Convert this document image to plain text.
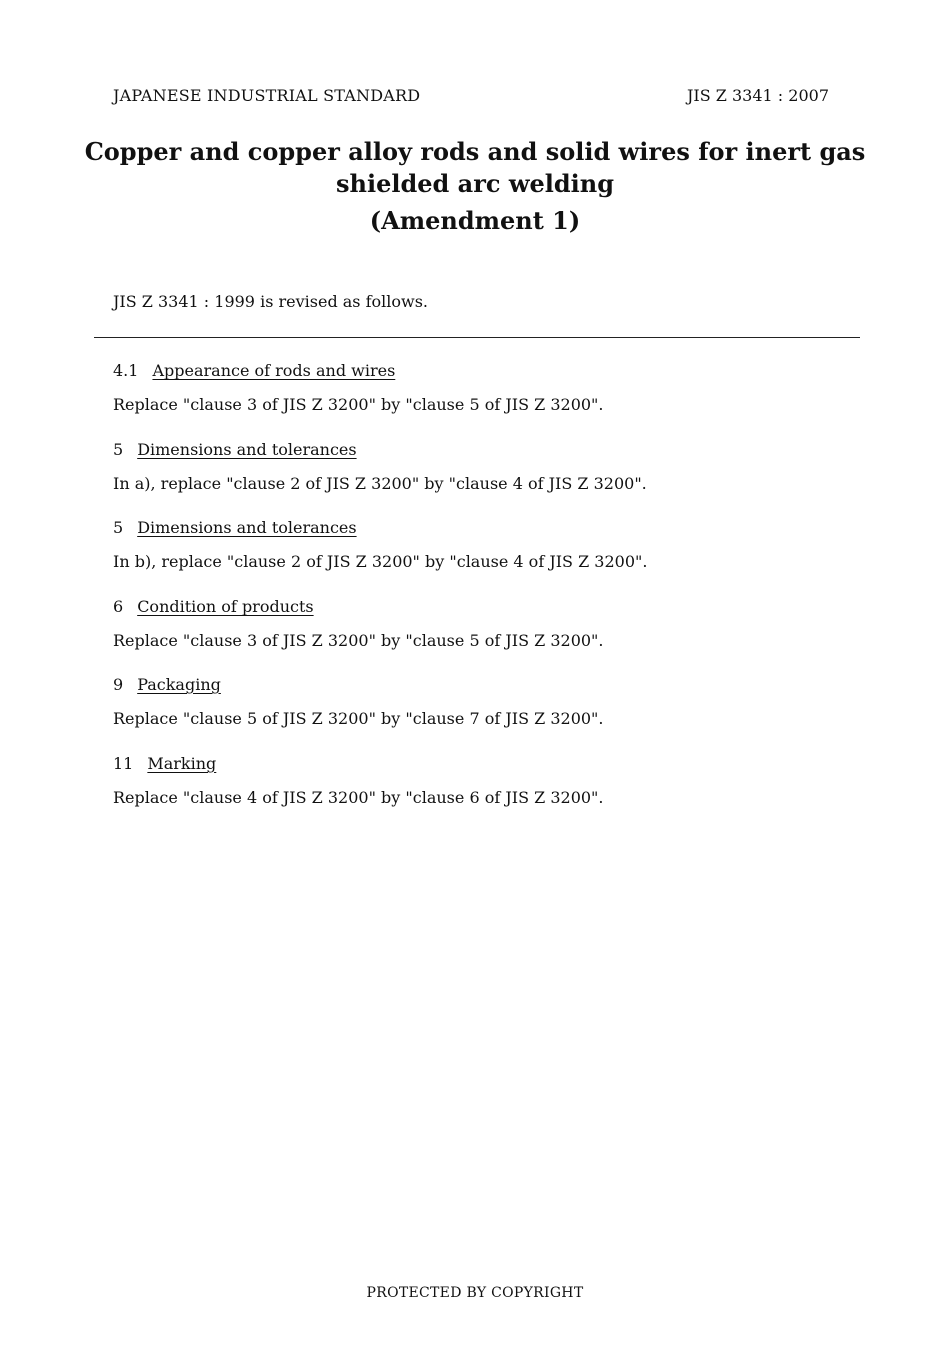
JAPANESE INDUSTRIAL STANDARD	JIS Z 3341 : 2007
Copper and copper alloy rods and solid wires for inert gas
shielded arc welding
(Amendment 1)
JIS Z 3341 : 1999 is revised as follows.
4.1 Appearance of rods and wires
Replace "clause 3 of JIS Z 3200" by "clause 5 of JIS Z 3200".
5 Dimensions and tolerances
In a), replace "clause 2 of JIS Z 3200" by "clause 4 of JIS Z 3200".
5 Dimensions and tolerances
In b), replace "clause 2 of JIS Z 3200" by "clause 4 of JIS Z 3200".
6 Condition of products
Replace "clause 3 of JIS Z 3200" by "clause 5 of JIS Z 3200".
9 Packaging
Replace "clause 5 of JIS Z 3200" by "clause 7 of JIS Z 3200".
11 Marking
Replace "clause 4 of JIS Z 3200" by "clause 6 of JIS Z 3200".
PROTECTED BY COPYRIGHT
